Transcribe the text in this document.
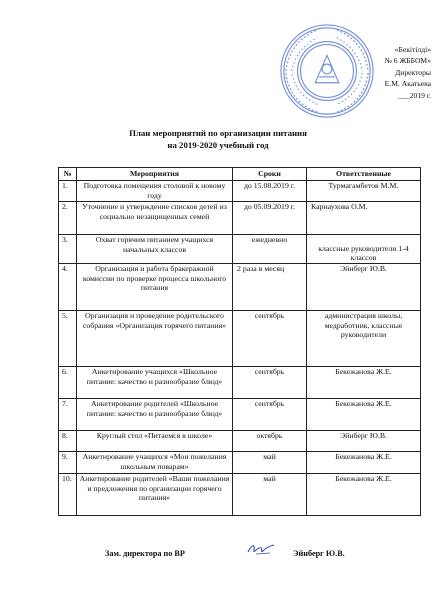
«Бекітілді»
№ 6 ЖББОМ»
Директоры
Е.М. Акатьева
___2019 г.
План мероприятий по организации питания
на 2019-2020 учебный год
№	Мероприятия	Сроки	Ответственные
1.	Подготовка помещения столовой к новому году	до 15.08.2019 г.	Турмагамбетов М.М.
2.	Уточнение и утверждение списков детей из социально незащищенных семей	до 05.09.2019 г.	Карнаухова О.М.
3.	Охват горячим питанием учащихся начальных классов	ежедневно	классные руководители 1-4 классов
4.	Организация и работа бракеражной комиссии по проверке процесса школьного питания	2 раза в месяц	Эйнберг Ю.В.
5.	Организация и проведение родительского собрания «Организация горячего питания»	сентябрь	администрация школы, медработник, классные руководители
6.	Анкетирование учащихся «Школьное питание: качество и разнообразие блюд»	сентябрь	Бекежанова Ж.Е.
7.	Анкетирование родителей «Школьное питание: качество и разнообразие блюд»	сентябрь	Бекежанова Ж.Е.
8.	Круглый стол «Питаемся в школе»	октябрь	Эйнберг Ю.В.
9.	Анкетирование учащихся «Мои пожелания школьным поварам»	май	Бекежанова Ж.Е.
10.	Анкетирование родителей «Ваши пожелания и предложения по организации горячего питания»	май	Бекежанова Ж.Е.
Зам. директора по ВР	Эйнберг Ю.В.
